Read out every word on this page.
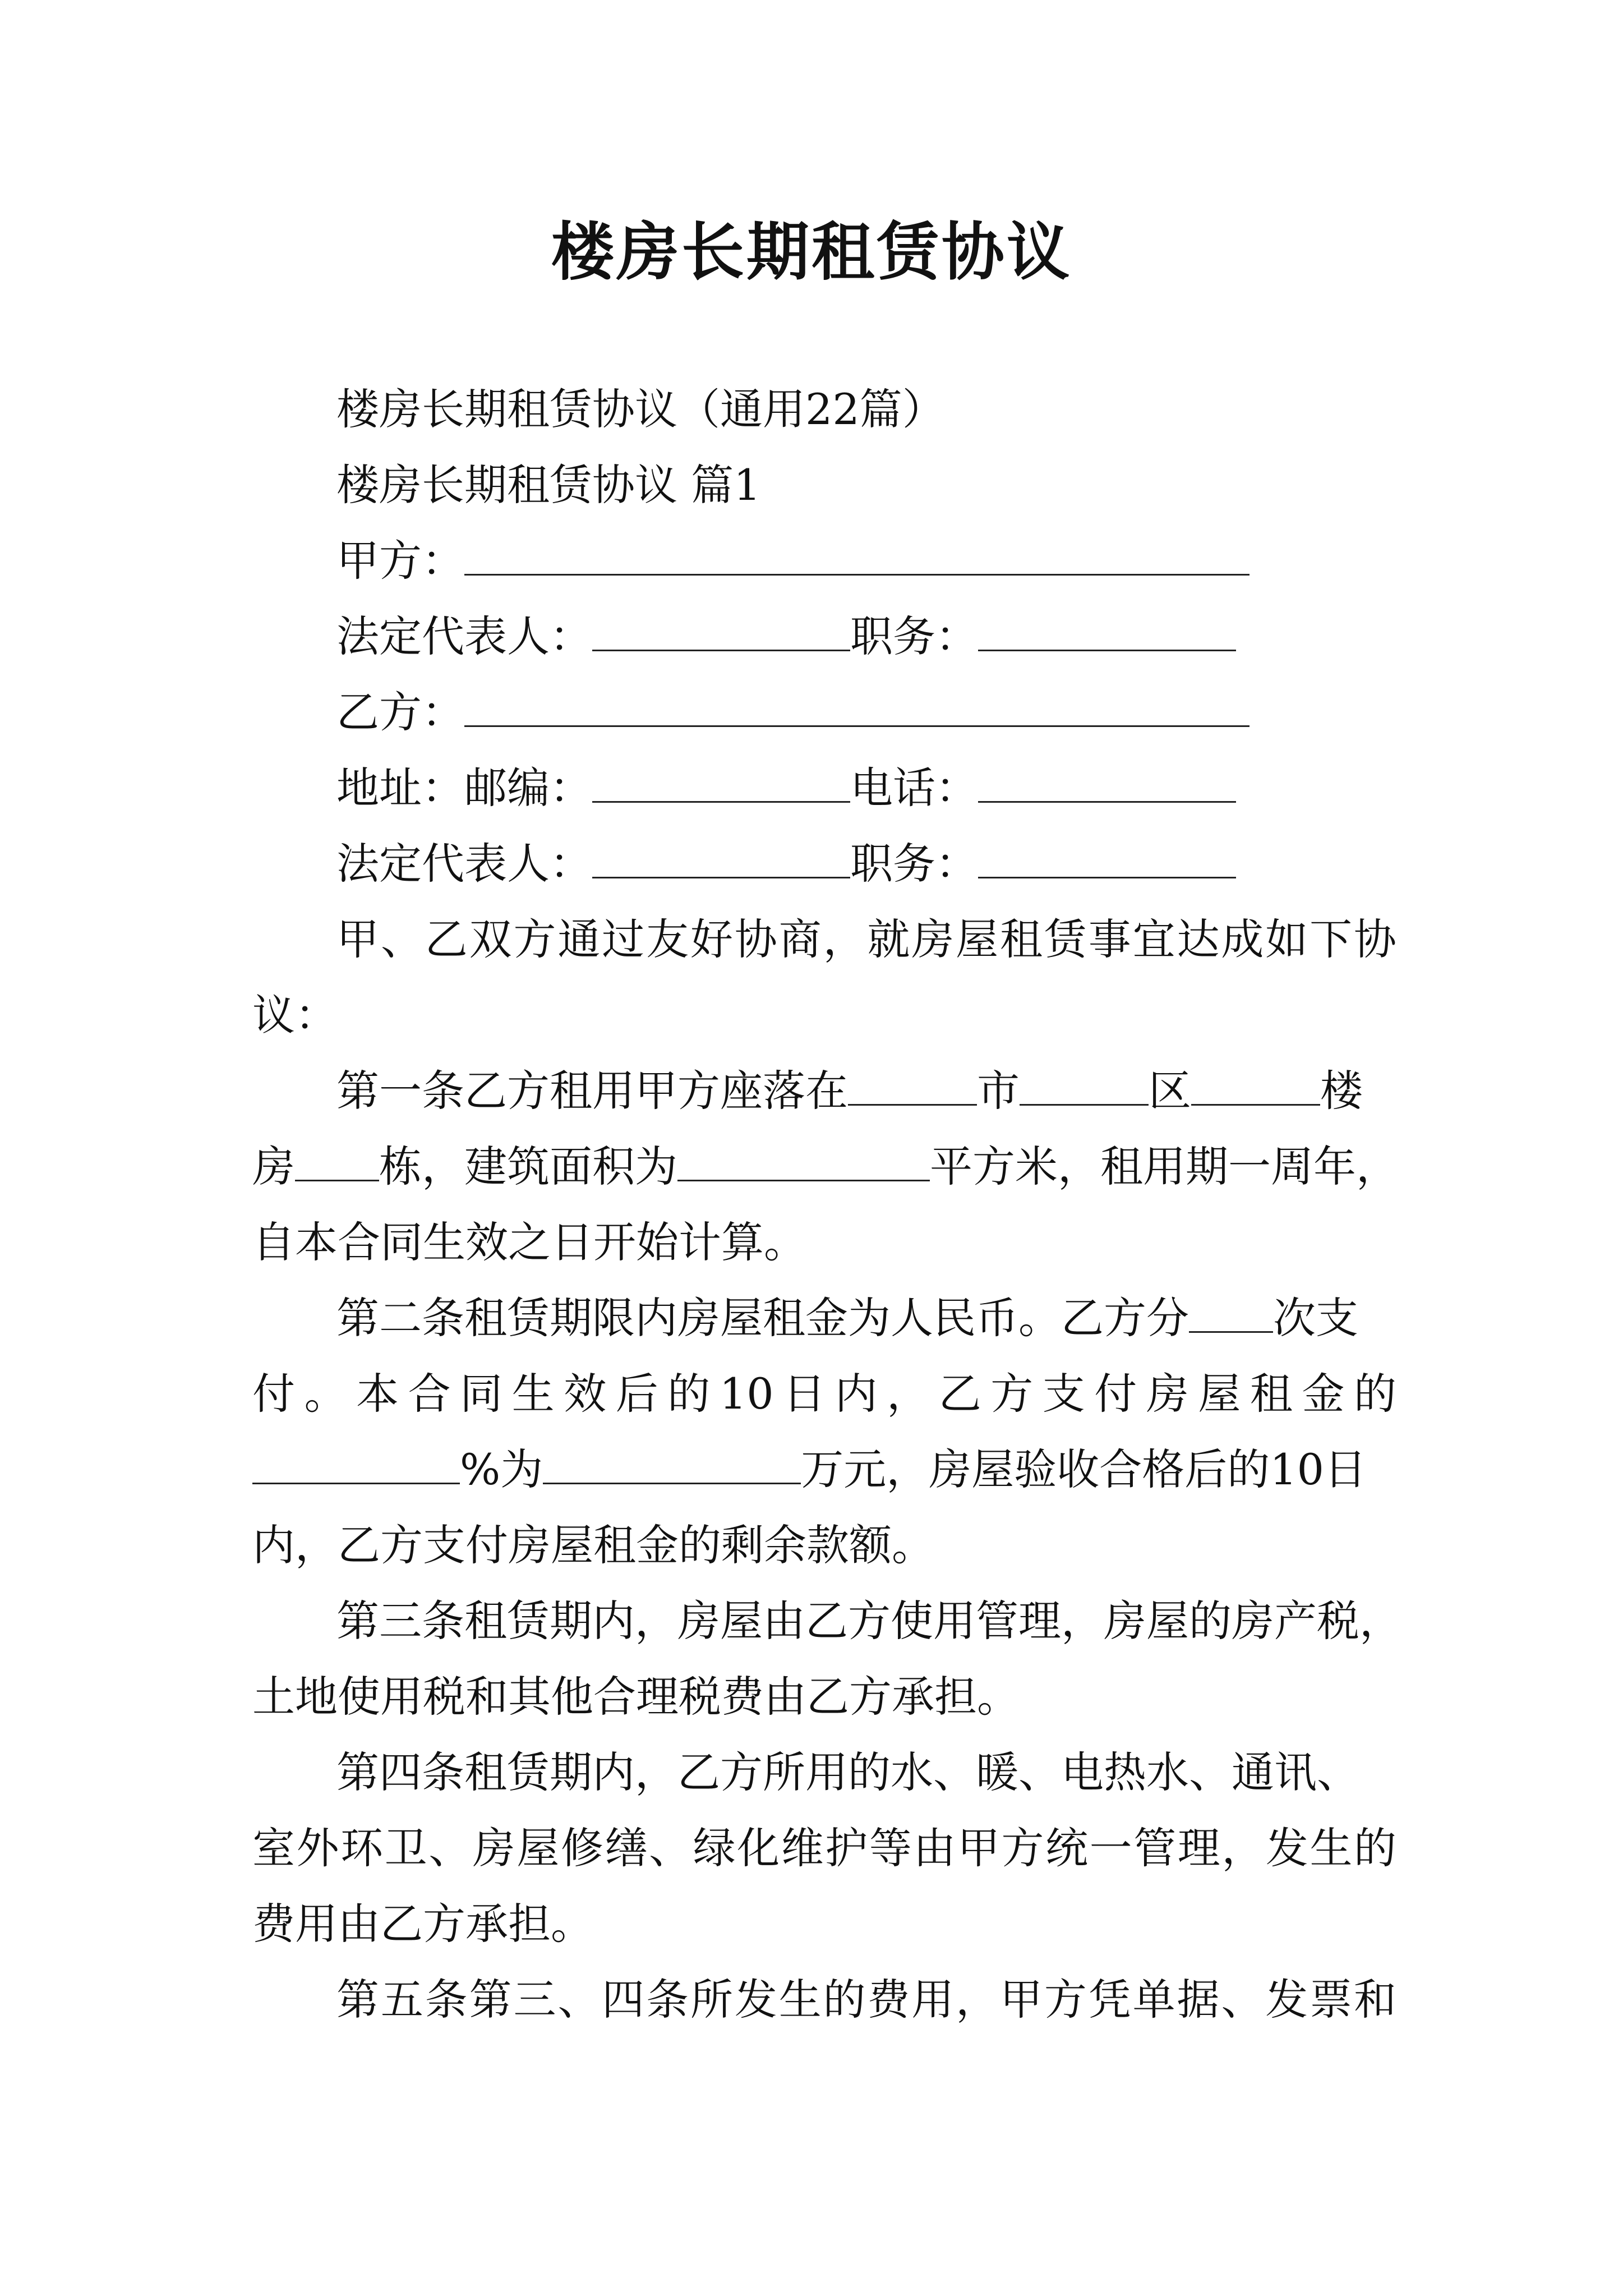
楼房长期租赁协议
楼房长期租赁协议（通用22篇）
楼房长期租赁协议 篇1
甲方：
法定代表人：	职务：
乙方：
地址：邮编：	电话：
法定代表人：	职务：
甲、乙双方通过友好协商，就房屋租赁事宜达成如下协
议：
第一条乙方租用甲方座落在	市	区	楼
房 栋，建筑面积为	平方米，租用期一周年，
自本合同生效之日开始计算。
第二条租赁期限内房屋租金为人民币。乙方分 次支
付。本合同生效后的10日内，乙方支付房屋租金的
%为	万元，房屋验收合格后的10日
内，乙方支付房屋租金的剩余款额。
第三条租赁期内，房屋由乙方使用管理，房屋的房产税，
土地使用税和其他合理税费由乙方承担。
第四条租赁期内，乙方所用的水、暖、电热水、通讯、
室外环卫、房屋修缮、绿化维护等由甲方统一管理，发生的
费用由乙方承担。
第五条第三、四条所发生的费用，甲方凭单据、发票和
